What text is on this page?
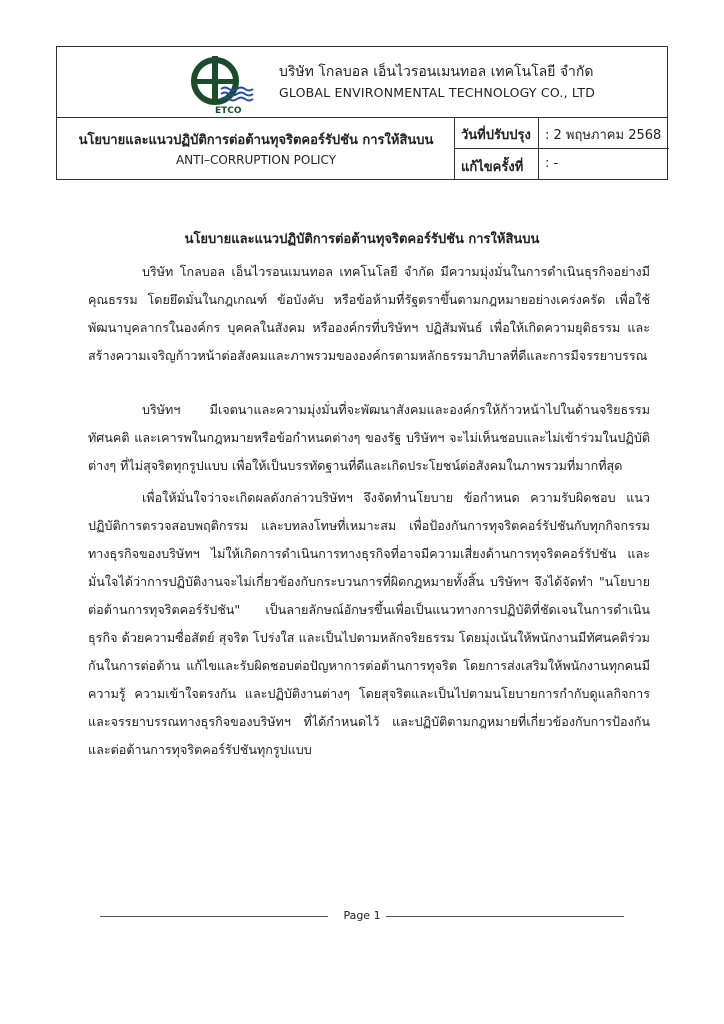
ETCO
บริษัท โกลบอล เอ็นไวรอนเมนทอล เทคโนโลยี จำกัด
GLOBAL ENVIRONMENTAL TECHNOLOGY CO., LTD
นโยบายและแนวปฏิบัติการต่อต้านทุจริตคอร์รัปชัน การให้สินบน
ANTI–CORRUPTION POLICY
วันที่ปรับปรุง : 2 พฤษภาคม 2568
แก้ไขครั้งที่ : -
นโยบายและแนวปฏิบัติการต่อต้านทุจริตคอร์รัปชัน การให้สินบน

บริษัท โกลบอล เอ็นไวรอนเมนทอล เทคโนโลยี จำกัด มีความมุ่งมั่นในการดำเนินธุรกิจอย่างมีคุณธรรม โดยยึดมั่นในกฎเกณฑ์ ข้อบังคับ หรือข้อห้ามที่รัฐตราขึ้นตามกฎหมายอย่างเคร่งครัด เพื่อใช้พัฒนาบุคลากรในองค์กร บุคคลในสังคม หรือองค์กรที่บริษัทฯ ปฏิสัมพันธ์ เพื่อให้เกิดความยุติธรรม และสร้างความเจริญก้าวหน้าต่อสังคมและภาพรวมขององค์กรตามหลักธรรมาภิบาลที่ดีและการมีจรรยาบรรณ

บริษัทฯ มีเจตนาและความมุ่งมั่นที่จะพัฒนาสังคมและองค์กรให้ก้าวหน้าไปในด้านจริยธรรม ทัศนคติ และเคารพในกฎหมายหรือข้อกำหนดต่างๆ ของรัฐ บริษัทฯ จะไม่เห็นชอบและไม่เข้าร่วมในปฏิบัติต่างๆ ที่ไม่สุจริตทุกรูปแบบ เพื่อให้เป็นบรรทัดฐานที่ดีและเกิดประโยชน์ต่อสังคมในภาพรวมที่มากที่สุด

เพื่อให้มั่นใจว่าจะเกิดผลดังกล่าวบริษัทฯ จึงจัดทำนโยบาย ข้อกำหนด ความรับผิดชอบ แนวปฏิบัติการตรวจสอบพฤติกรรม และบทลงโทษที่เหมาะสม เพื่อป้องกันการทุจริตคอร์รัปชันกับทุกกิจกรรมทางธุรกิจของบริษัทฯ ไม่ให้เกิดการดำเนินการทางธุรกิจที่อาจมีความเสี่ยงด้านการทุจริตคอร์รัปชัน และมั่นใจได้ว่าการปฏิบัติงานจะไม่เกี่ยวข้องกับกระบวนการที่ผิดกฎหมายทั้งสิ้น บริษัทฯ จึงได้จัดทำ "นโยบายต่อต้านการทุจริตคอร์รัปชัน" เป็นลายลักษณ์อักษรขึ้นเพื่อเป็นแนวทางการปฏิบัติที่ชัดเจนในการดำเนินธุรกิจ ด้วยความซื่อสัตย์ สุจริต โปร่งใส และเป็นไปตามหลักจริยธรรม โดยมุ่งเน้นให้พนักงานมีทัศนคติร่วมกันในการต่อต้าน แก้ไขและรับผิดชอบต่อปัญหาการต่อต้านการทุจริต โดยการส่งเสริมให้พนักงานทุกคนมีความรู้ ความเข้าใจตรงกัน และปฏิบัติงานต่างๆ โดยสุจริตและเป็นไปตามนโยบายการกำกับดูแลกิจการและจรรยาบรรณทางธุรกิจของบริษัทฯ ที่ได้กำหนดไว้ และปฏิบัติตามกฎหมายที่เกี่ยวข้องกับการป้องกันและต่อต้านการทุจริตคอร์รัปชันทุกรูปแบบ

Page 1
